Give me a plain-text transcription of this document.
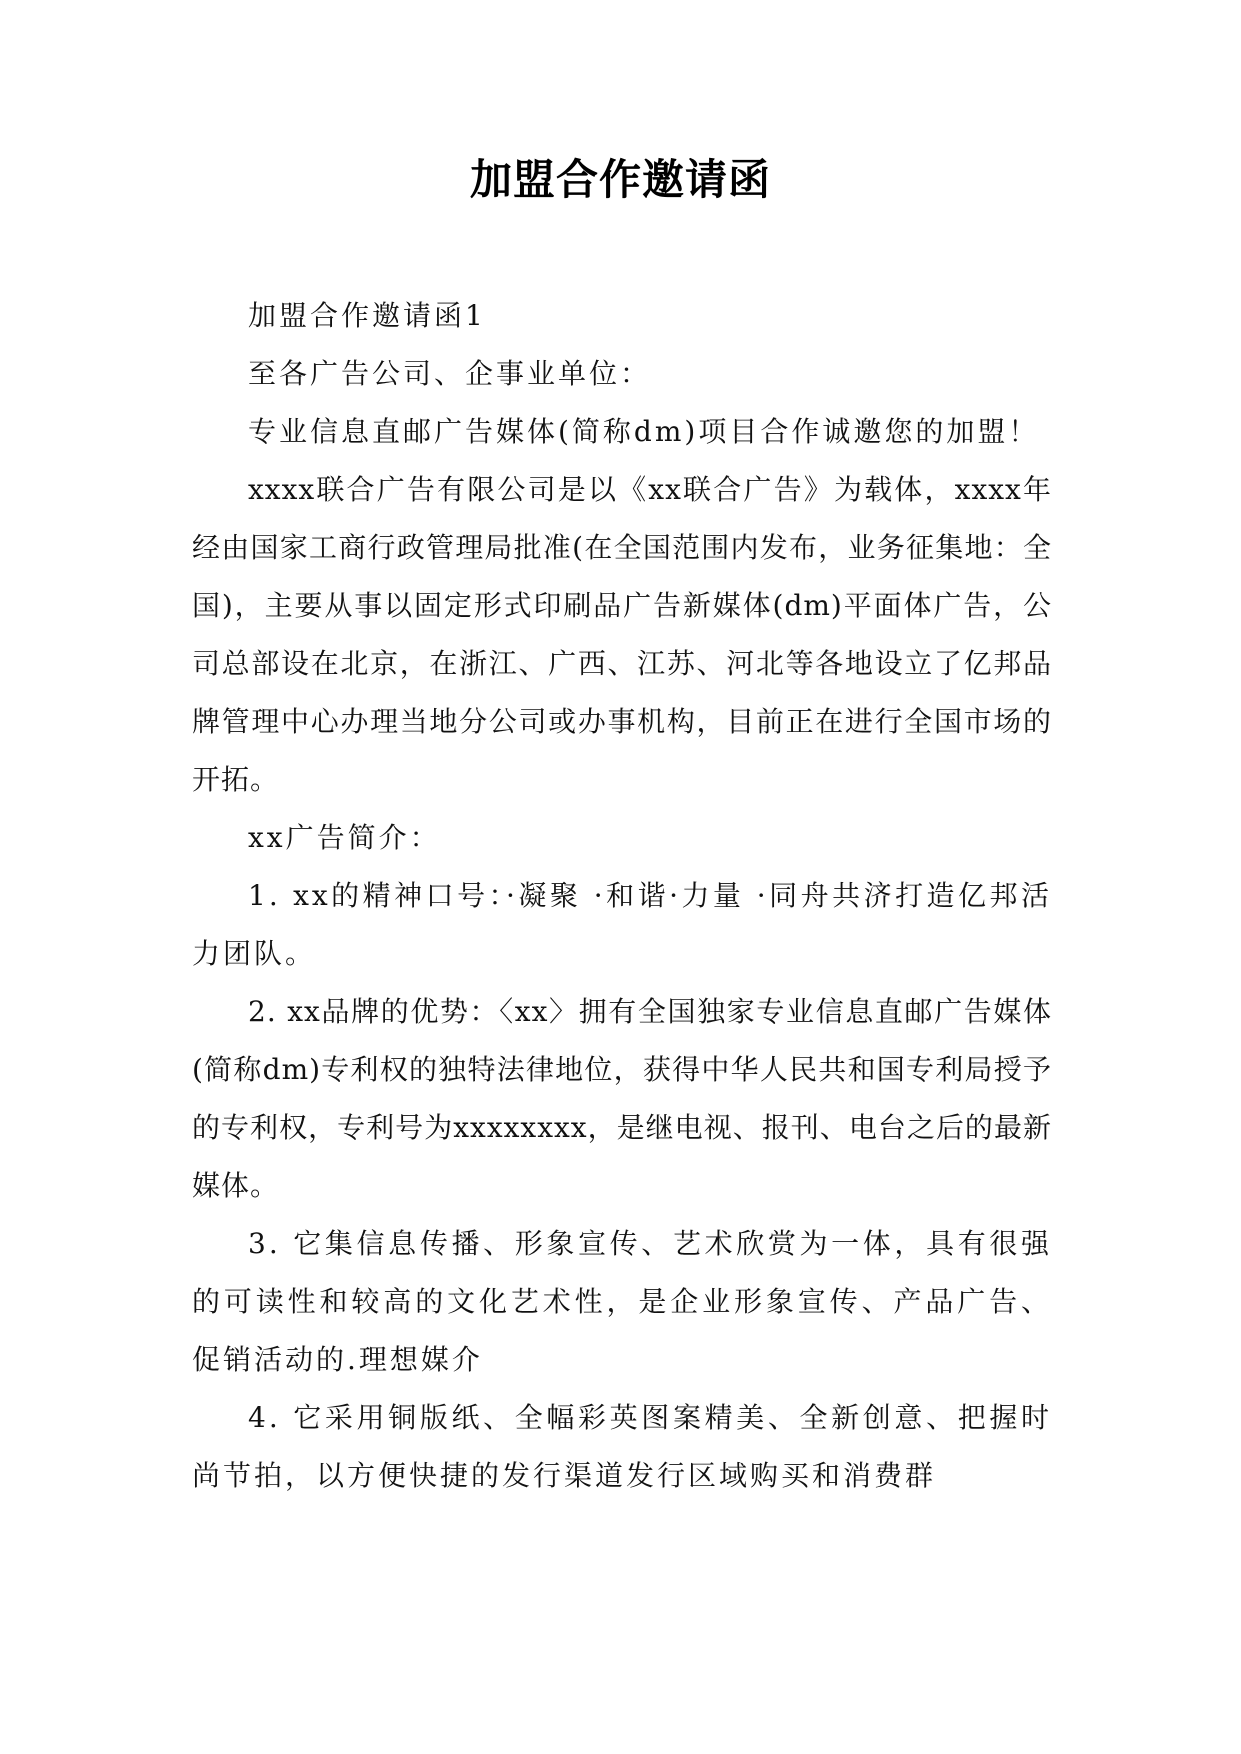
加盟合作邀请函

加盟合作邀请函1

至各广告公司、企事业单位：

专业信息直邮广告媒体(简称dm)项目合作诚邀您的加盟！

xxxx联合广告有限公司是以《xx联合广告》为载体，xxxx年经由国家工商行政管理局批准(在全国范围内发布，业务征集地：全国)，主要从事以固定形式印刷品广告新媒体(dm)平面体广告，公司总部设在北京，在浙江、广西、江苏、河北等各地设立了亿邦品牌管理中心办理当地分公司或办事机构，目前正在进行全国市场的开拓。

xx广告简介：

1. xx的精神口号：·凝聚 ·和谐·力量 ·同舟共济打造亿邦活力团队。

2. xx品牌的优势：〈xx〉拥有全国独家专业信息直邮广告媒体(简称dm)专利权的独特法律地位，获得中华人民共和国专利局授予的专利权，专利号为xxxxxxxx，是继电视、报刊、电台之后的最新媒体。

3. 它集信息传播、形象宣传、艺术欣赏为一体，具有很强的可读性和较高的文化艺术性，是企业形象宣传、产品广告、促销活动的.理想媒介

4. 它采用铜版纸、全幅彩英图案精美、全新创意、把握时尚节拍，以方便快捷的发行渠道发行区域购买和消费群
